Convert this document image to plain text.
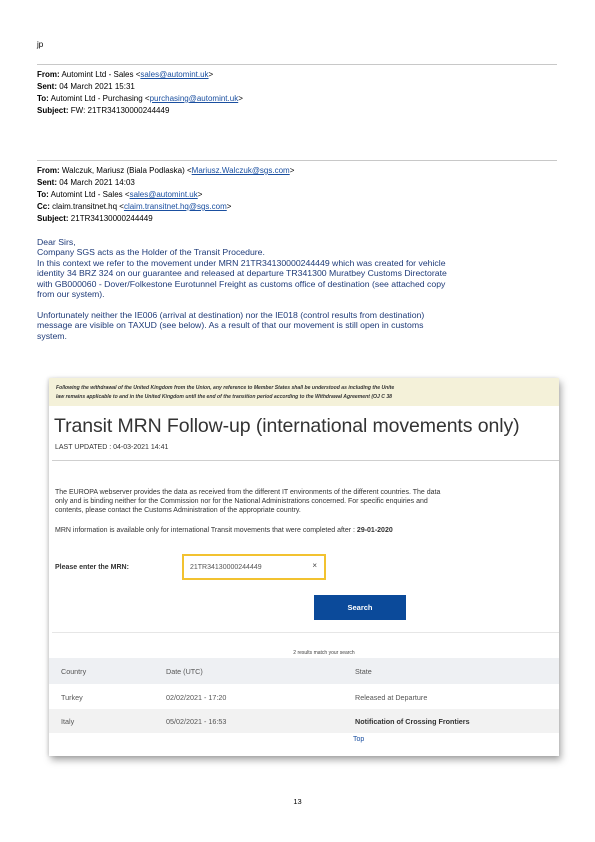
jp
From: Automint Ltd - Sales <sales@automint.uk>
Sent: 04 March 2021 15:31
To: Automint Ltd - Purchasing <purchasing@automint.uk>
Subject: FW: 21TR34130000244449
From: Walczuk, Mariusz (Biala Podlaska) <Mariusz.Walczuk@sgs.com>
Sent: 04 March 2021 14:03
To: Automint Ltd - Sales <sales@automint.uk>
Cc: claim.transitnet.hq <claim.transitnet.hq@sgs.com>
Subject: 21TR34130000244449
Dear Sirs,
Company SGS acts as the Holder of the Transit Procedure.
In this context we refer to the movement under MRN 21TR34130000244449 which was created for vehicle
identity 34 BRZ 324 on our guarantee and released at departure TR341300 Muratbey Customs Directorate
with GB000060 - Dover/Folkestone Eurotunnel Freight as customs office of destination (see attached copy
from our system).
Unfortunately neither the IE006 (arrival at destination) nor the IE018 (control results from destination)
message are visible on TAXUD (see below). As a result of that our movement is still open in customs
system.

Following the withdrawal of the United Kingdom from the Union, any reference to Member States shall be understood as including the Unite

law remains applicable to and in the United Kingdom until the end of the transition period according to the Withdrawal Agreement (OJ C 38

Transit MRN Follow-up (international movements only)
LAST UPDATED : 04-03-2021 14:41
The EUROPA webserver provides the data as received from the different IT environments of the different countries. The data
only and is binding neither for the Commission nor for the National Administrations concerned. For specific enquiries and
contents, please contact the Customs Administration of the appropriate country.
MRN information is available only for international Transit movements that were completed after : 29-01-2020
Please enter the MRN:
21TR34130000244449	×
Search
2 results match your search
Country	Date (UTC)	State
Turkey	02/02/2021 - 17:20	Released at Departure
Italy	05/02/2021 - 16:53	Notification of Crossing Frontiers
Top
13
